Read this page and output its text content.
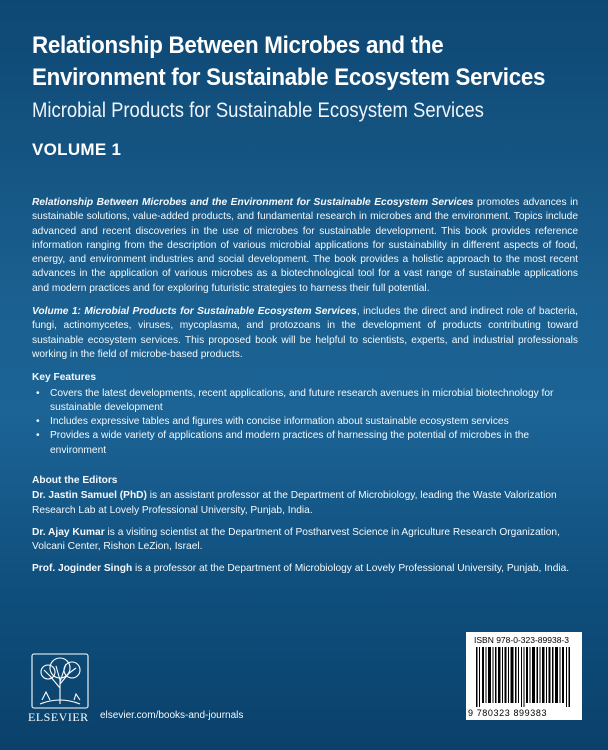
Relationship Between Microbes and the
Environment for Sustainable Ecosystem Services
Microbial Products for Sustainable Ecosystem Services
VOLUME 1

Relationship Between Microbes and the Environment for Sustainable Ecosystem Services promotes advances in sustainable solutions, value-added products, and fundamental research in microbes and the environment. Topics include advanced and recent discoveries in the use of microbes for sustainable development. This book provides reference information ranging from the description of various microbial applications for sustainability in different aspects of food, energy, and environment industries and social development. The book provides a holistic approach to the most recent advances in the application of various microbes as a biotechnological tool for a vast range of sustainable applications and modern practices and for exploring futuristic strategies to harness their full potential.

Volume 1: Microbial Products for Sustainable Ecosystem Services, includes the direct and indirect role of bacteria, fungi, actinomycetes, viruses, mycoplasma, and protozoans in the development of products contributing toward sustainable ecosystem services. This proposed book will be helpful to scientists, experts, and industrial professionals working in the field of microbe-based products.

Key Features
• Covers the latest developments, recent applications, and future research avenues in microbial biotechnology for sustainable development
• Includes expressive tables and figures with concise information about sustainable ecosystem services
• Provides a wide variety of applications and modern practices of harnessing the potential of microbes in the environment
About the Editors

Dr. Jastin Samuel (PhD) is an assistant professor at the Department of Microbiology, leading the Waste Valorization Research Lab at Lovely Professional University, Punjab, India.

Dr. Ajay Kumar is a visiting scientist at the Department of Postharvest Science in Agriculture Research Organization, Volcani Center, Rishon LeZion, Israel.

Prof. Joginder Singh is a professor at the Department of Microbiology at Lovely Professional University, Punjab, India.

ELSEVIER elsevier.com/books-and-journals
ISBN 978-0-323-89938-3
9 780323 899383
